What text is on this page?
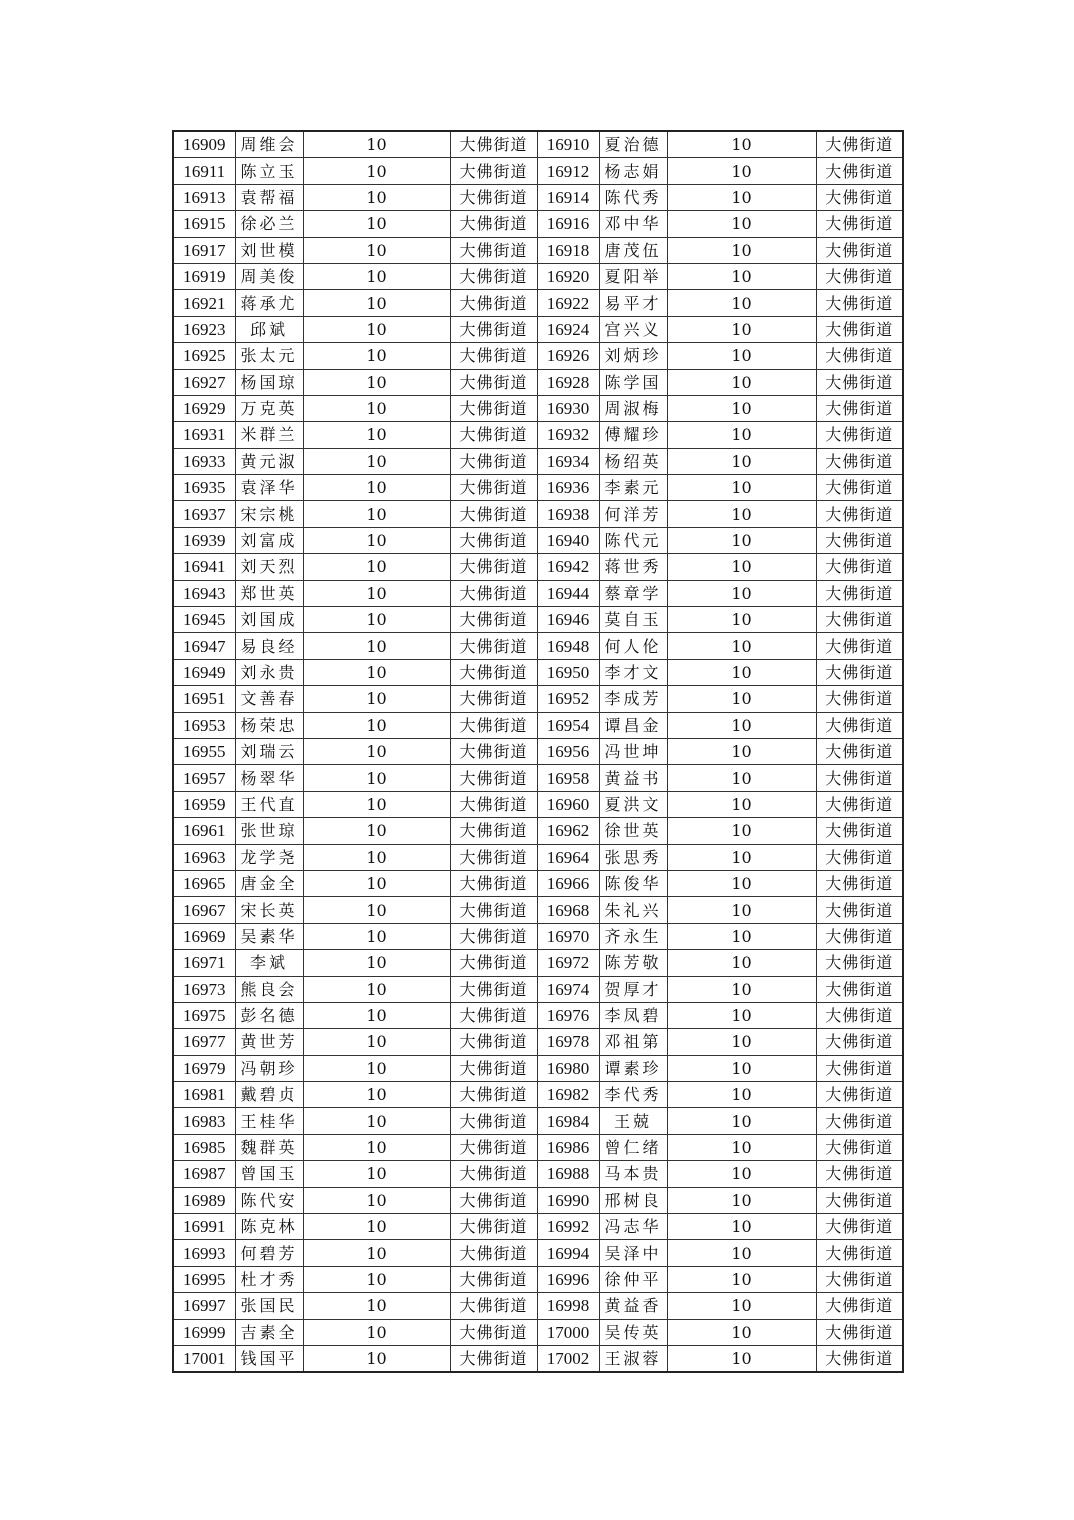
16909	周维会	10	大佛街道	16910	夏治德	10	大佛街道
16911	陈立玉	10	大佛街道	16912	杨志娟	10	大佛街道
16913	袁帮福	10	大佛街道	16914	陈代秀	10	大佛街道
16915	徐必兰	10	大佛街道	16916	邓中华	10	大佛街道
16917	刘世模	10	大佛街道	16918	唐茂伍	10	大佛街道
16919	周美俊	10	大佛街道	16920	夏阳举	10	大佛街道
16921	蒋承尤	10	大佛街道	16922	易平才	10	大佛街道
16923	邱斌	10	大佛街道	16924	宫兴义	10	大佛街道
16925	张太元	10	大佛街道	16926	刘炳珍	10	大佛街道
16927	杨国琼	10	大佛街道	16928	陈学国	10	大佛街道
16929	万克英	10	大佛街道	16930	周淑梅	10	大佛街道
16931	米群兰	10	大佛街道	16932	傅耀珍	10	大佛街道
16933	黄元淑	10	大佛街道	16934	杨绍英	10	大佛街道
16935	袁泽华	10	大佛街道	16936	李素元	10	大佛街道
16937	宋宗桃	10	大佛街道	16938	何洋芳	10	大佛街道
16939	刘富成	10	大佛街道	16940	陈代元	10	大佛街道
16941	刘天烈	10	大佛街道	16942	蒋世秀	10	大佛街道
16943	郑世英	10	大佛街道	16944	蔡章学	10	大佛街道
16945	刘国成	10	大佛街道	16946	莫自玉	10	大佛街道
16947	易良经	10	大佛街道	16948	何人伦	10	大佛街道
16949	刘永贵	10	大佛街道	16950	李才文	10	大佛街道
16951	文善春	10	大佛街道	16952	李成芳	10	大佛街道
16953	杨荣忠	10	大佛街道	16954	谭昌金	10	大佛街道
16955	刘瑞云	10	大佛街道	16956	冯世坤	10	大佛街道
16957	杨翠华	10	大佛街道	16958	黄益书	10	大佛街道
16959	王代直	10	大佛街道	16960	夏洪文	10	大佛街道
16961	张世琼	10	大佛街道	16962	徐世英	10	大佛街道
16963	龙学尧	10	大佛街道	16964	张思秀	10	大佛街道
16965	唐金全	10	大佛街道	16966	陈俊华	10	大佛街道
16967	宋长英	10	大佛街道	16968	朱礼兴	10	大佛街道
16969	吴素华	10	大佛街道	16970	齐永生	10	大佛街道
16971	李斌	10	大佛街道	16972	陈芳敬	10	大佛街道
16973	熊良会	10	大佛街道	16974	贺厚才	10	大佛街道
16975	彭名德	10	大佛街道	16976	李凤碧	10	大佛街道
16977	黄世芳	10	大佛街道	16978	邓祖第	10	大佛街道
16979	冯朝珍	10	大佛街道	16980	谭素珍	10	大佛街道
16981	戴碧贞	10	大佛街道	16982	李代秀	10	大佛街道
16983	王桂华	10	大佛街道	16984	王兢	10	大佛街道
16985	魏群英	10	大佛街道	16986	曾仁绪	10	大佛街道
16987	曾国玉	10	大佛街道	16988	马本贵	10	大佛街道
16989	陈代安	10	大佛街道	16990	邢树良	10	大佛街道
16991	陈克林	10	大佛街道	16992	冯志华	10	大佛街道
16993	何碧芳	10	大佛街道	16994	吴泽中	10	大佛街道
16995	杜才秀	10	大佛街道	16996	徐仲平	10	大佛街道
16997	张国民	10	大佛街道	16998	黄益香	10	大佛街道
16999	吉素全	10	大佛街道	17000	吴传英	10	大佛街道
17001	钱国平	10	大佛街道	17002	王淑蓉	10	大佛街道
